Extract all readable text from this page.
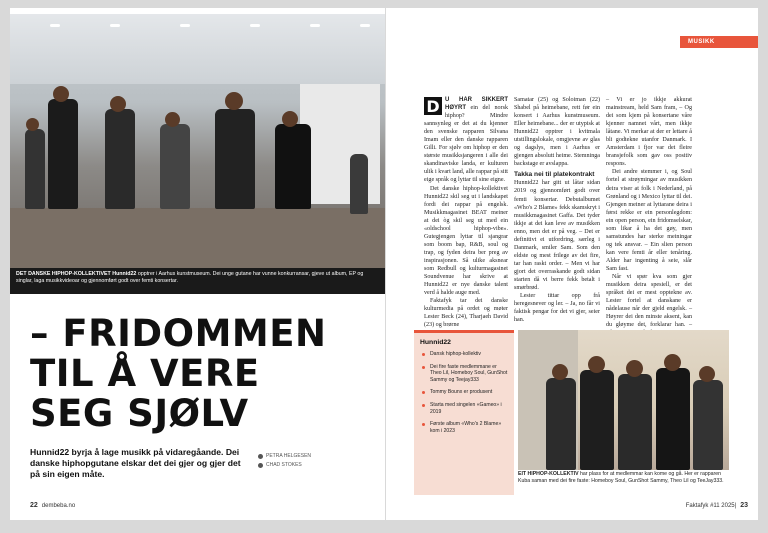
DET DANSKE HIPHOP-KOLLEKTIVET Hunnid22 opptrer i Aarhus kunstmuseum. Dei unge gutane har vunne konkurransar, gjeve ut album, EP og singlar, laga musikkvideoar og gjennomført godt over femti konsertar.
– FRIDOMMEN
TIL Å VERE
SEG SJØLV
Hunnid22 byrja å lage musikk på vidaregåande. Dei danske hiphopgutane elskar det dei gjer og gjer det på sin eigen måte.
PETRA HELGESEN
CHAD STOKES
22 dembeba.no
MUSIKK
D U HAR SIKKERT HØYRT ein del norsk hiphop? Mindre sannsynleg er det at du kjenner den svenske rapparen Silvana Imam eller den danske rapparen Gilli. For sjølv om hiphop er den største musikksjangeren i alle dei skandinaviske landa, er kulturen ulik i kvart land, alle rappar på sitt eige språk og lyttar til sine eigne.

Det danske hiphop-kollektivet Hunnid22 skil seg ut i landskapet fordi dei rappar på engelsk. Musikkmagasinet BEAT meiner at dei òg skil seg ut med ein «oldschool hiphop-vibe». Gutegjengen lyttar til sjangrar som boom bap, R&B, soul og trap, og fyden deira ber preg av inspirasjonen. Så ulike aksnear som Redbull og kulturmagasinet Soundvenue har skrive at Hunnid22 er nye danske talent verd å halde auge med.

Faktafyk tar dei danske kulturmedia på ordet og møter Lester Beck (24), Tharjaeh David (23) og brørne

Samatar (25) og Soloiman (22) Shabel på heimebane, rett før ein konsert i Aarhus kunstmuseum. Eller heimebane... der er utypisk at Hunnid22 opptrer i kvitmala utstillingslokale, omgjevne av glas og dagslys, men i Aarhus er gjengen absolutt heime. Stemninga backstage er avslappa.

Takka nei til platekontrakt

Hunnid22 har gitt ut låtar sidan 2019 og gjennomført godt over femti konsertar. Debutalbumet «Who's 2 Blame» fekk skamskryt i musikkmagasinet Gaffa. Det tyder ikkje at dei kan leve av musikken enno, men det er på veg. – Det er definitivt ei utfordring, særleg i Danmark, smiler Sam. Som den eldste og mest frilege av dei fire, tar han raskt order. – Men vi har gjort det overraskande godt sidan starten då vi berre fekk betalt i smørbrød.

Lester tittar opp frå heregesnever og ler. – Ja, no får vi faktisk pengar for det vi gjer, seier han.

– Vi er jo ikkje akkurat mainstream, held Sam fram, – Og dei som kjem på konsertane våre kjenner namnet vårt, men ikkje låtane. Vi merkar at der er lettare å bli godtekne utanfor Danmark. I Amsterdam i fjor var det fleire bransjefolk som gav oss positiv respons.

Dei andre stemmer i, og Soul fortel at strøymingar av musikken deira viser at folk i Nederland, på Grønland og i Mexico lyttar til dei. Gjengen meiner at lyttarane deira i først rekke er ein personlegdom: ein open person, ein fridomselskar, som likar å ha det gøy, men samstundes har sterke meiningar og tek ansvar. – Ein slien person kan vere femti år eller tenåring. Alder har ingenting å seie, slår Sam fast.

Når vi spør kva som gjer musikken deira spesiell, er det språket dei er mest opptekne av. Lester fortel at danskane er nådelause når der gjeld engelsk. – Høyrer dei den minste aksent, kan du gløyme det, forklarar han. –

Hunnid22
Dansk hiphop-kollektiv
Dei fire faste medlemmane er Theo Lil, Homeboy Soul, GunShot Sammy og Teejay333
Tommy Bounx er produsent
Starta med singelen «Gameo» i 2019
Første album «Who's 2 Blame» kom i 2023
EIT HIPHOP-KOLLEKTIV har plass for at medlemmar kan kome og gå. Her er rapparen Kuba saman med dei fire faste: Homeboy Soul, GunShot Sammy, Theo Lil og TeeJay333.
Faktafyk #11 2025| 23
